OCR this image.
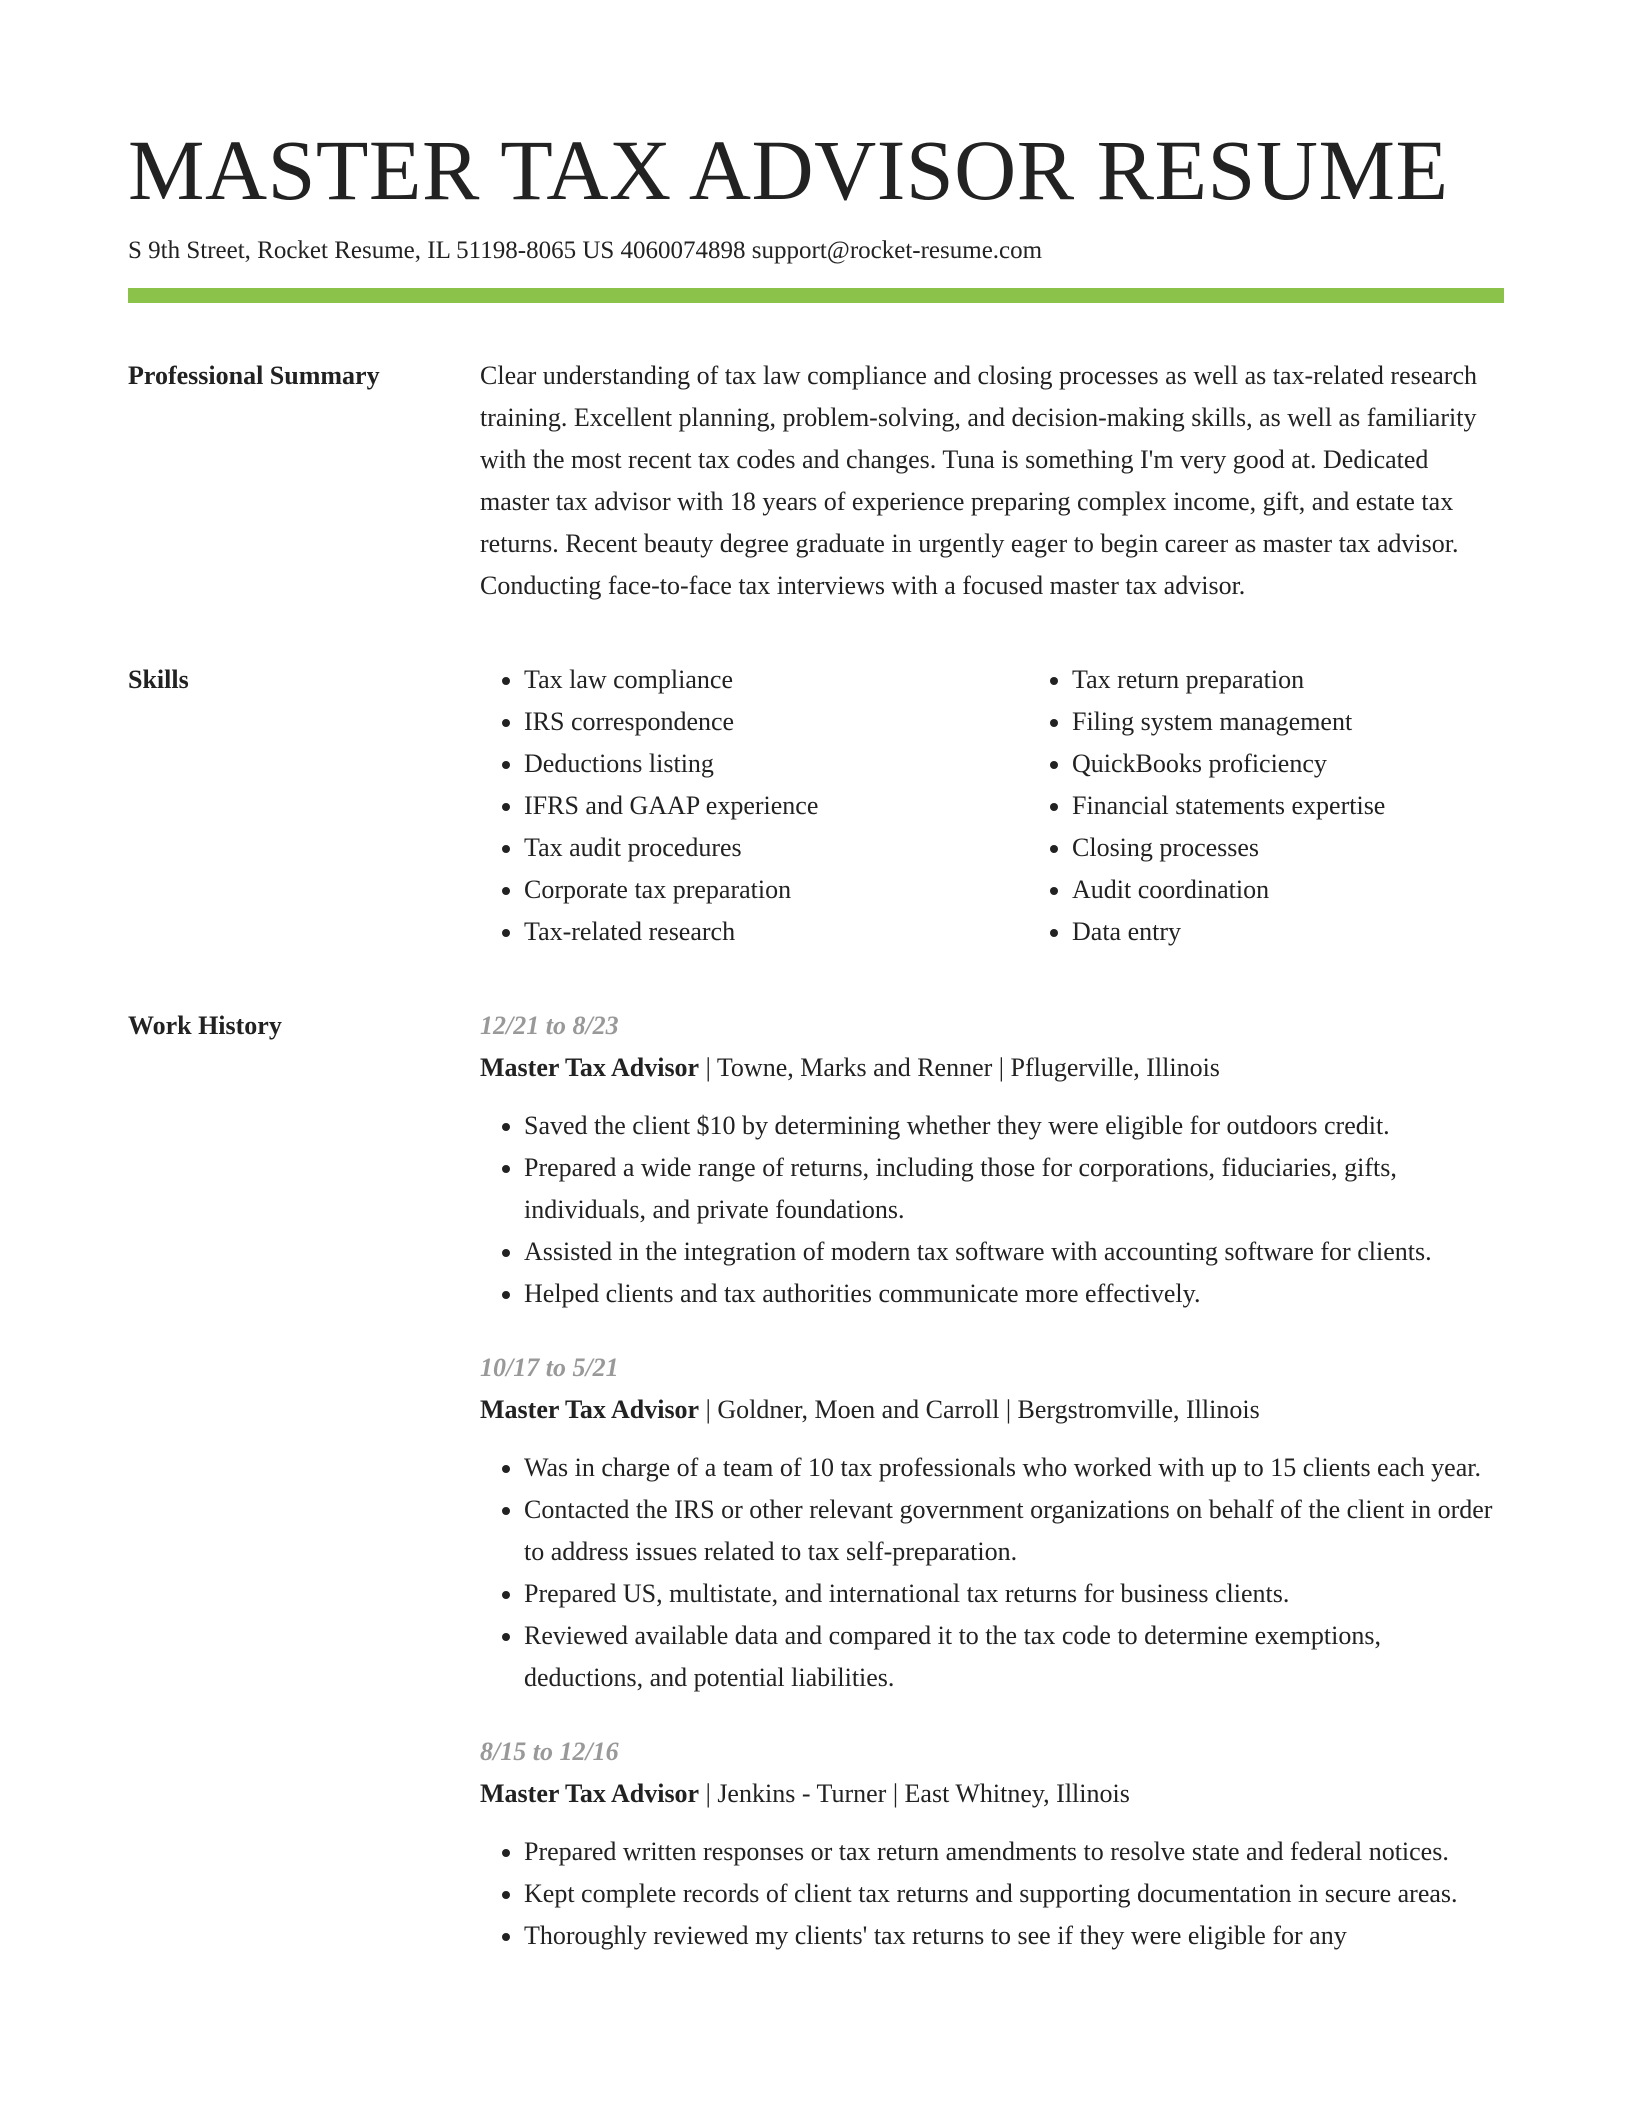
MASTER TAX ADVISOR RESUME
S 9th Street, Rocket Resume, IL 51198-8065 US 4060074898 support@rocket-resume.com
Professional Summary	Clear understanding of tax law compliance and closing processes as well as tax-related research training. Excellent planning, problem-solving, and decision-making skills, as well as familiarity with the most recent tax codes and changes. Tuna is something I'm very good at. Dedicated master tax advisor with 18 years of experience preparing complex income, gift, and estate tax returns. Recent beauty degree graduate in urgently eager to begin career as master tax advisor. Conducting face-to-face tax interviews with a focused master tax advisor.

Skills
•	Tax law compliance
• IRS correspondence
• Deductions listing
• IFRS and GAAP experience
• Tax audit procedures
• Corporate tax preparation
• Tax-related research
• Tax return preparation
• Filing system management
• QuickBooks proficiency
• Financial statements expertise
• Closing processes
• Audit coordination
• Data entry
Work History	12/21 to 8/23
Master Tax Advisor | Towne, Marks and Renner | Pflugerville, Illinois
• Saved the client $10 by determining whether they were eligible for outdoors credit.
• Prepared a wide range of returns, including those for corporations, fiduciaries, gifts, individuals, and private foundations.
• Assisted in the integration of modern tax software with accounting software for clients.
• Helped clients and tax authorities communicate more effectively.
10/17 to 5/21
Master Tax Advisor | Goldner, Moen and Carroll | Bergstromville, Illinois
• Was in charge of a team of 10 tax professionals who worked with up to 15 clients each year.
• Contacted the IRS or other relevant government organizations on behalf of the client in order to address issues related to tax self-preparation.
• Prepared US, multistate, and international tax returns for business clients.
• Reviewed available data and compared it to the tax code to determine exemptions, deductions, and potential liabilities.
8/15 to 12/16
Master Tax Advisor | Jenkins - Turner | East Whitney, Illinois
• Prepared written responses or tax return amendments to resolve state and federal notices.
• Kept complete records of client tax returns and supporting documentation in secure areas.
• Thoroughly reviewed my clients' tax returns to see if they were eligible for any
